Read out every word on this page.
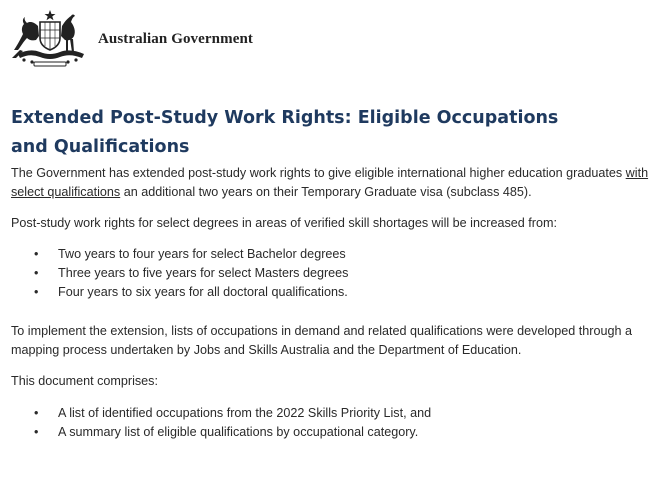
Australian Government
Extended Post-Study Work Rights: Eligible Occupations and Qualifications

The Government has extended post-study work rights to give eligible international higher education graduates with select qualifications an additional two years on their Temporary Graduate visa (subclass 485).

Post-study work rights for select degrees in areas of verified skill shortages will be increased from:

• Two years to four years for select Bachelor degrees
• Three years to five years for select Masters degrees
• Four years to six years for all doctoral qualifications.

To implement the extension, lists of occupations in demand and related qualifications were developed through a mapping process undertaken by Jobs and Skills Australia and the Department of Education.

This document comprises:

• A list of identified occupations from the 2022 Skills Priority List, and
• A summary list of eligible qualifications by occupational category.
